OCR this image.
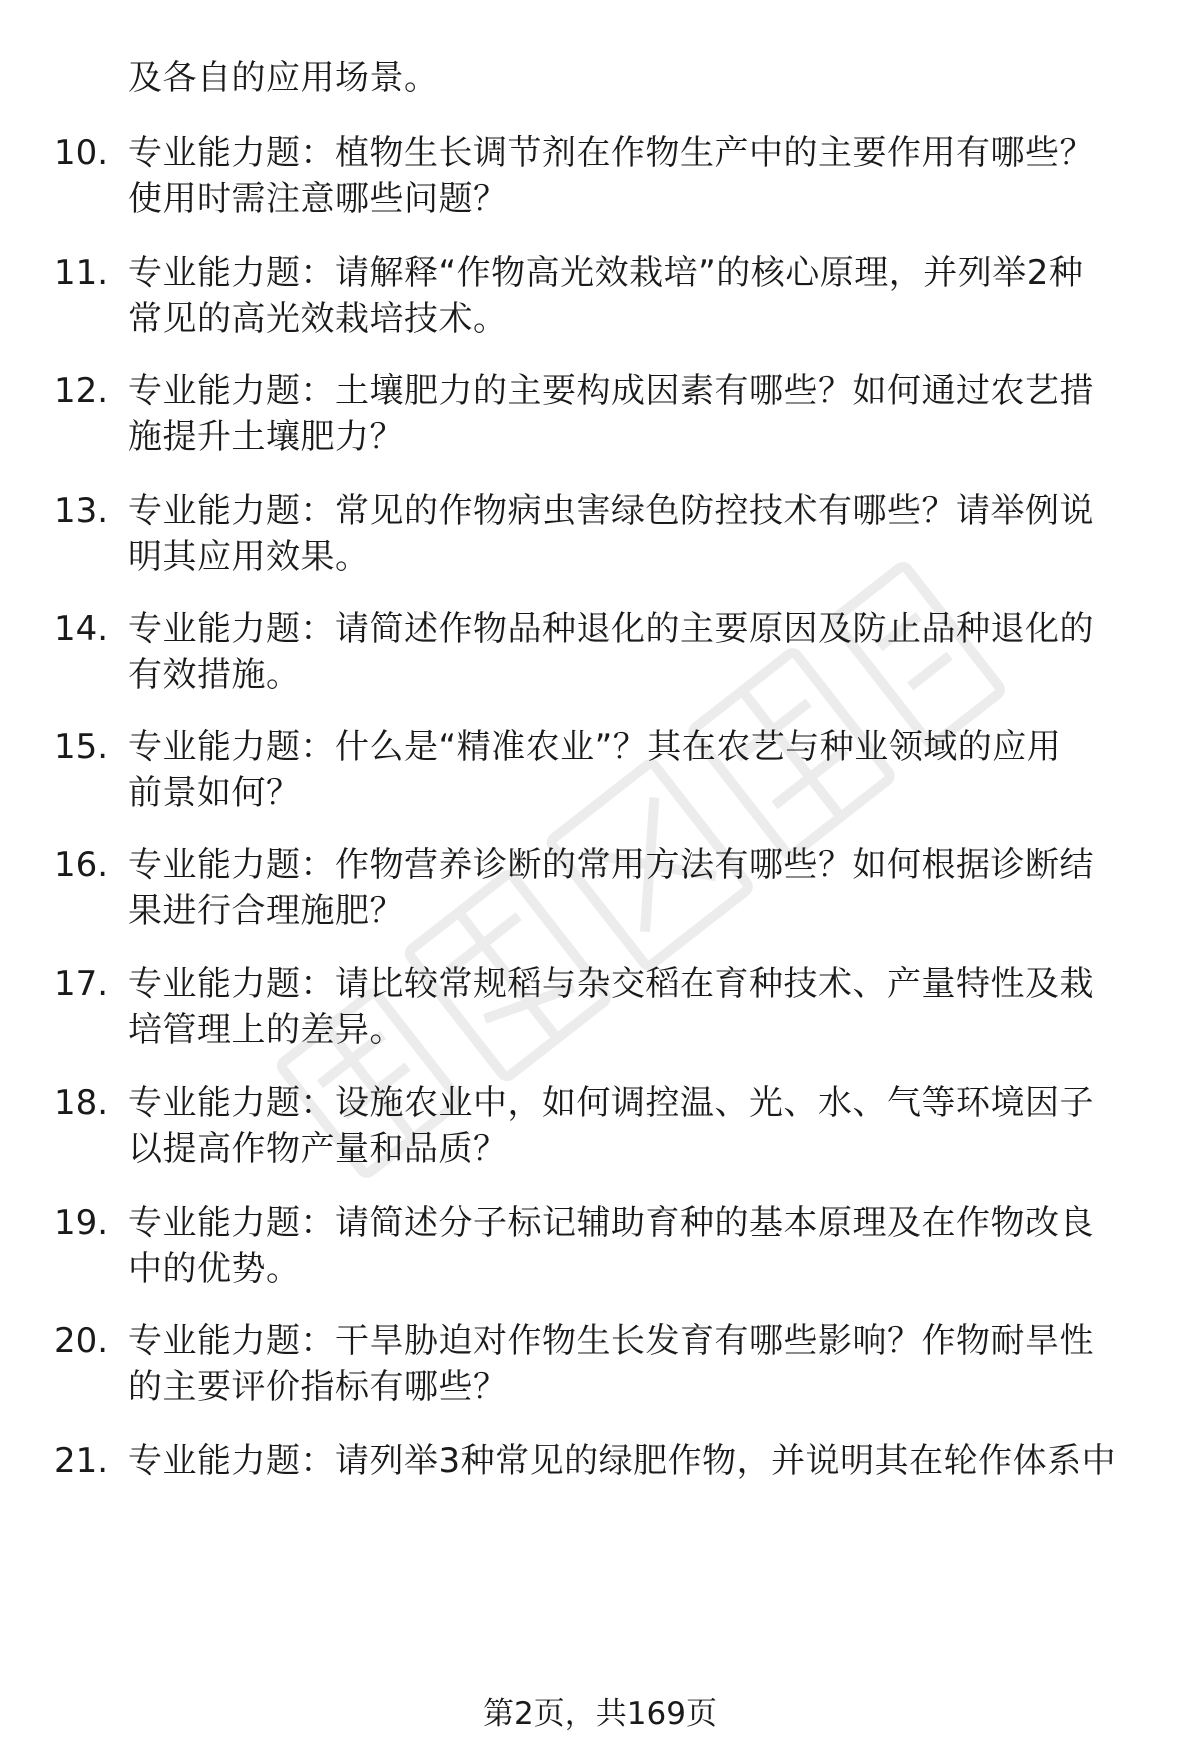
及各自的应用场景。
10. 专业能力题：植物生长调节剂在作物生产中的主要作用有哪些？
使用时需注意哪些问题？
11. 专业能力题：请解释“作物高光效栽培”的核心原理，并列举2种
常见的高光效栽培技术。
12. 专业能力题：土壤肥力的主要构成因素有哪些？如何通过农艺措
施提升土壤肥力？
13. 专业能力题：常见的作物病虫害绿色防控技术有哪些？请举例说
明其应用效果。
14. 专业能力题：请简述作物品种退化的主要原因及防止品种退化的
有效措施。
15. 专业能力题：什么是“精准农业”？其在农艺与种业领域的应用
前景如何？
16. 专业能力题：作物营养诊断的常用方法有哪些？如何根据诊断结
果进行合理施肥？
17. 专业能力题：请比较常规稻与杂交稻在育种技术、产量特性及栽
培管理上的差异。
18. 专业能力题：设施农业中，如何调控温、光、水、气等环境因子
以提高作物产量和品质？
19. 专业能力题：请简述分子标记辅助育种的基本原理及在作物改良
中的优势。
20. 专业能力题：干旱胁迫对作物生长发育有哪些影响？作物耐旱性
的主要评价指标有哪些？
21. 专业能力题：请列举3种常见的绿肥作物，并说明其在轮作体系中
第2页，共169页
